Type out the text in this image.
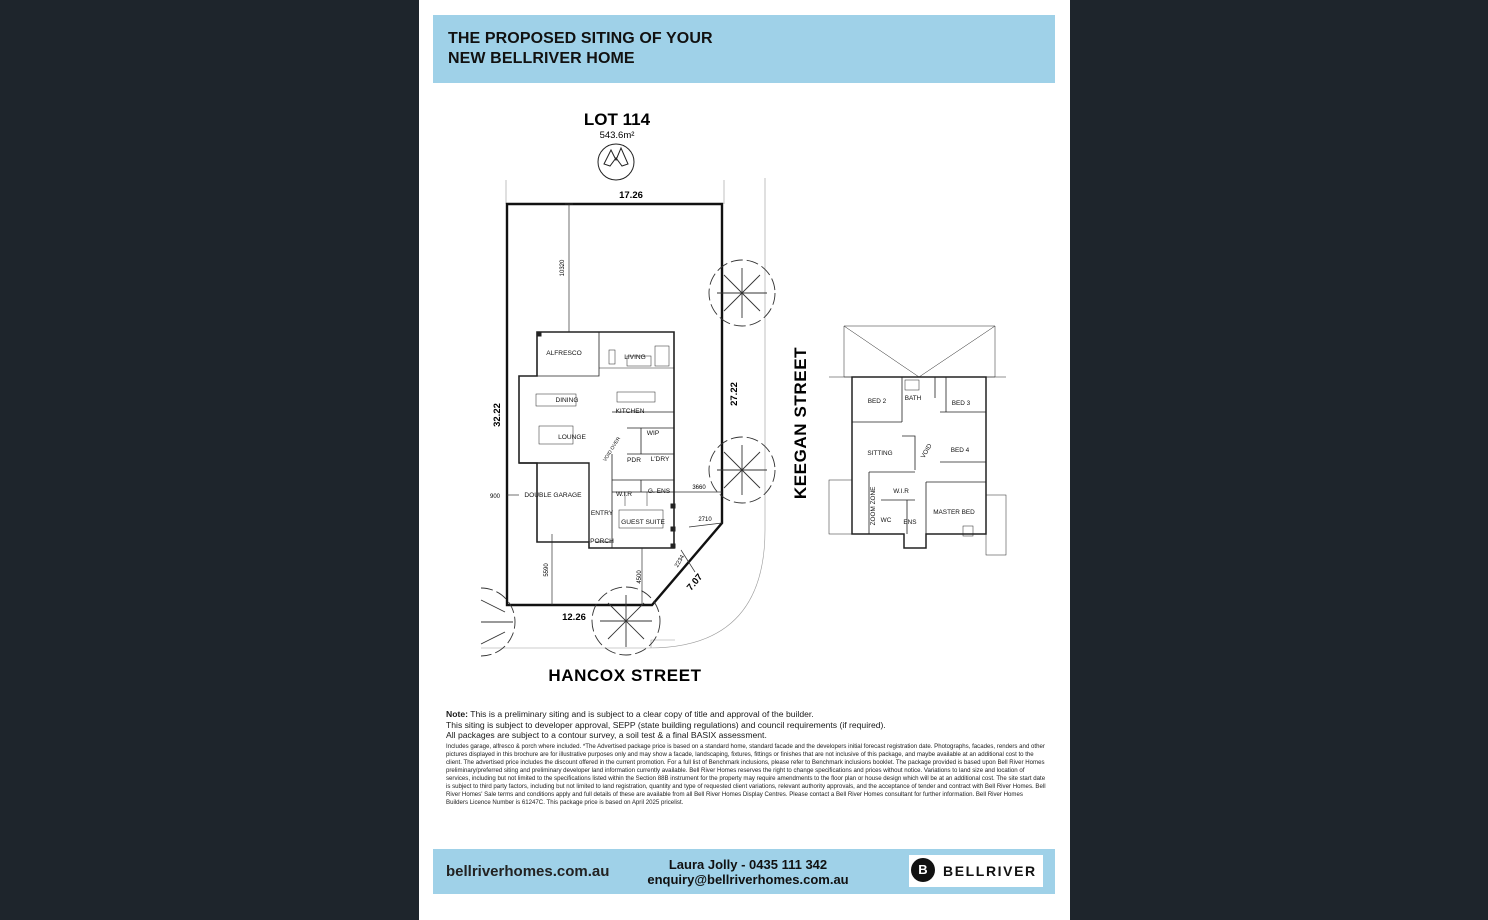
THE PROPOSED SITING OF YOUR
NEW BELLRIVER HOME
LOT 114
543.6m²
17.26
32.22
27.22
12.26
7.07
10320
900
3660
2710
5590
4500
2234
HANCOX STREET
KEEGAN STREET
ALFRESCO
LIVING
DINING
KITCHEN
LOUNGE
WIP
VOID OVER PDR L'DRY
DOUBLE GARAGE	W.I.R G. ENS
ENTRY
GUEST SUITE
PORCH
BED 2	BATH
BED 3
SITTING	VOID	BED 4
ZOOM ZONE	W.I.R
WC ENS
MASTER BED
Note: This is a preliminary siting and is subject to a clear copy of title and approval of the builder.
This siting is subject to developer approval, SEPP (state building regulations) and council requirements (if required).
All packages are subject to a contour survey, a soil test & a final BASIX assessment.
Includes garage, alfresco & porch where included. *The Advertised package price is based on a standard home, standard facade and the developers initial forecast registration date. Photographs, facades, renders and other pictures displayed in this brochure are for illustrative purposes only and may show a facade, landscaping, fixtures, fittings or finishes that are not inclusive of this package, and maybe available at an additional cost to the client. The advertised price includes the discount offered in the current promotion. For a full list of Benchmark inclusions, please refer to Benchmark inclusions booklet. The package provided is based upon Bell River Homes preliminary/preferred siting and preliminary developer land information currently available. Bell River Homes reserves the right to change specifications and prices without notice. Variations to land size and location of services, including but not limited to the specifications listed within the Section 88B instrument for the property may require amendments to the floor plan or house design which will be at an additional cost. The site start date is subject to third party factors, including but not limited to land registration, quantity and type of requested client variations, relevant authority approvals, and the acceptance of tender and contract with Bell River Homes. Bell River Homes' Sale terms and conditions apply and full details of these are available from all Bell River Homes Display Centres. Please contact a Bell River Homes consultant for further information. Bell River Homes Builders Licence Number is 61247C. This package price is based on April 2025 pricelist.
bellriverhomes.com.au	Laura Jolly - 0435 111 342
enquiry@bellriverhomes.com.au
B	BELLRIVER
